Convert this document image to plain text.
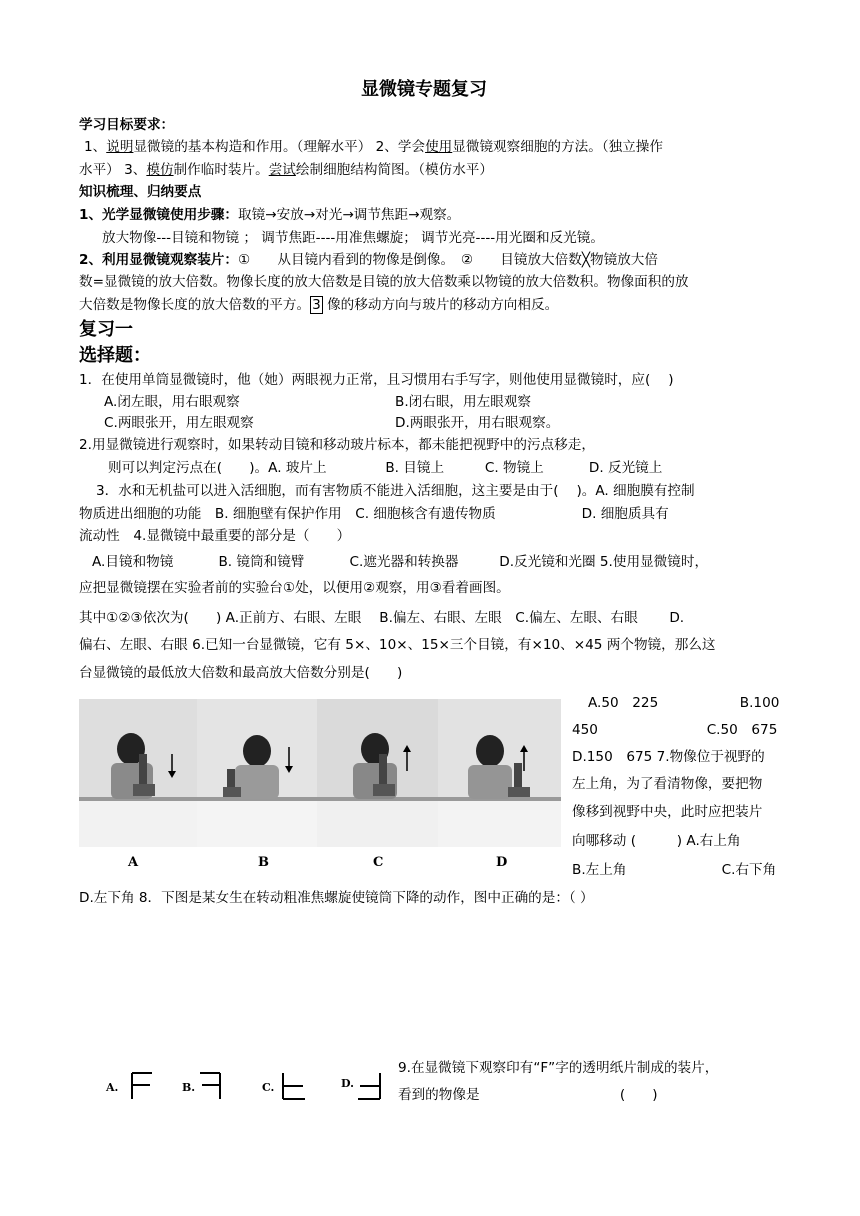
显微镜专题复习
学习目标要求：
1、说明显微镜的基本构造和作用。（理解水平） 2、学会使用显微镜观察细胞的方法。（独立操作
水平） 3、模仿制作临时装片。尝试绘制细胞结构简图。（模仿水平）
知识梳理、归纳要点
1、光学显微镜使用步骤：取镜→安放→对光→调节焦距→观察。
放大物像---目镜和物镜 ； 调节焦距----用准焦螺旋； 调节光亮----用光圈和反光镜。
2、利用显微镜观察装片：①　　从目镜内看到的物像是倒像。　②　　目镜放大倍数╳物镜放大倍
数=显微镜的放大倍数。物像长度的放大倍数是目镜的放大倍数乘以物镜的放大倍数积。物像面积的放
大倍数是物像长度的放大倍数的平方。 3 像的移动方向与玻片的移动方向相反。
复习一
选择题：
1．在使用单筒显微镜时，他（她）两眼视力正常，且习惯用右手写字，则他使用显微镜时，应(　 )
A.闭左眼，用右眼观察	B.闭右眼，用左眼观察
C.两眼张开，用左眼观察	D.两眼张开，用右眼观察。
2.用显微镜进行观察时，如果转动目镜和移动玻片标本，都未能把视野中的污点移走，
则可以判定污点在(　　)。A. 玻片上　　　　 B. 目镜上　　　C. 物镜上　　　 D. 反光镜上
3．水和无机盐可以进入活细胞，而有害物质不能进入活细胞，这主要是由于(　 )。A. 细胞膜有控制
物质进出细胞的功能　B. 细胞壁有保护作用　C. 细胞核含有遗传物质　　　　　　 D. 细胞质具有
流动性　4.显微镜中最重要的部分是（　　）
A.目镜和物镜　　　 B. 镜筒和镜臂　　　 C.遮光器和转换器　　　D.反光镜和光圈 5.使用显微镜时，
应把显微镜摆在实验者前的实验台①处，以便用②观察，用③看着画图。
其中①②③依次为(　　) A.正前方、右眼、左眼　 B.偏左、右眼、左眼　C.偏左、左眼、右眼　　 D.
偏右、左眼、右眼 6.已知一台显微镜，它有 5×、10×、15×三个目镜，有×10、×45 两个物镜，那么这
台显微镜的最低放大倍数和最高放大倍数分别是(　　)
A	B	C	D
A.50　225　　　　　　B.100
450　　　　　　　　C.50　675
D.150　675 7.物像位于视野的
左上角，为了看清物像，要把物
像移到视野中央，此时应把装片
向哪移动 (　　　) A.右上角
B.左上角　　　　　　　C.右下角
D.左下角 8．下图是某女生在转动粗准焦螺旋使镜筒下降的动作，图中正确的是：（ ）
A.	B.	C.	D.
9.在显微镜下观察印有“F”字的透明纸片制成的装片，
看到的物像是　　　　　　　　　　 (　　)
